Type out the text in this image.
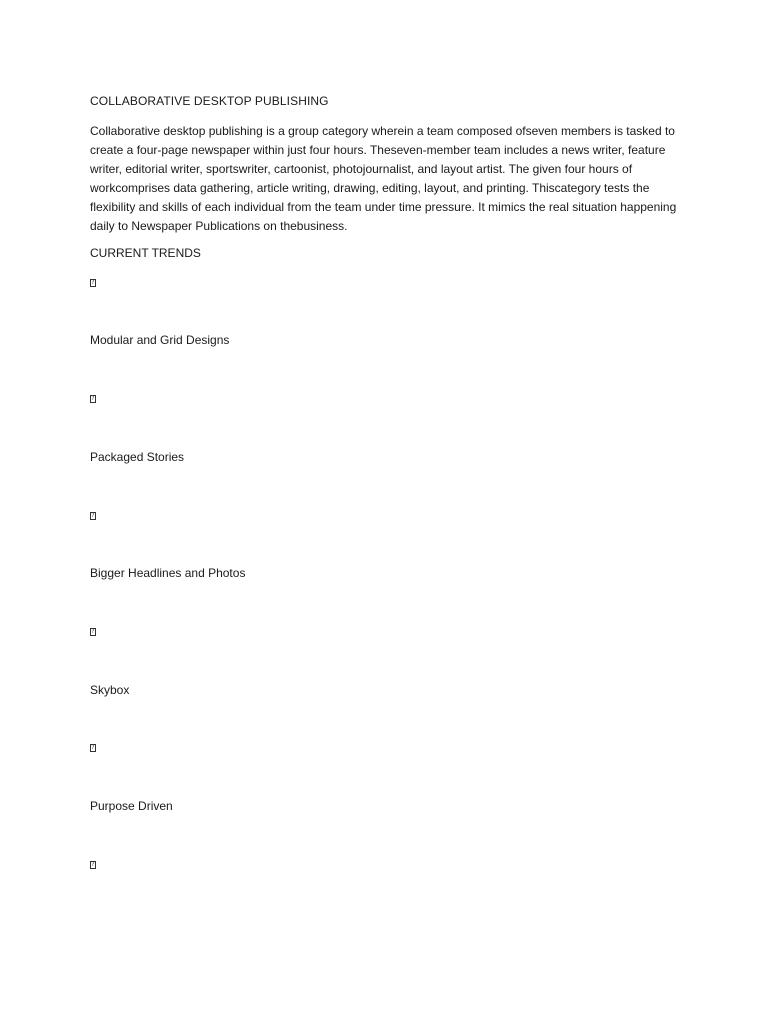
COLLABORATIVE DESKTOP PUBLISHING
Collaborative desktop publishing is a group category wherein a team composed ofseven members is tasked to create a four-page newspaper within just four hours. Theseven-member team includes a news writer, feature writer, editorial writer, sportswriter, cartoonist, photojournalist, and layout artist. The given four hours of workcomprises data gathering, article writing, drawing, editing, layout, and printing. Thiscategory tests the flexibility and skills of each individual from the team under time pressure. It mimics the real situation happening daily to Newspaper Publications on thebusiness.
CURRENT TRENDS
?
Modular and Grid Designs
?
Packaged Stories
?
Bigger Headlines and Photos
?
Skybox
?
Purpose Driven
?
